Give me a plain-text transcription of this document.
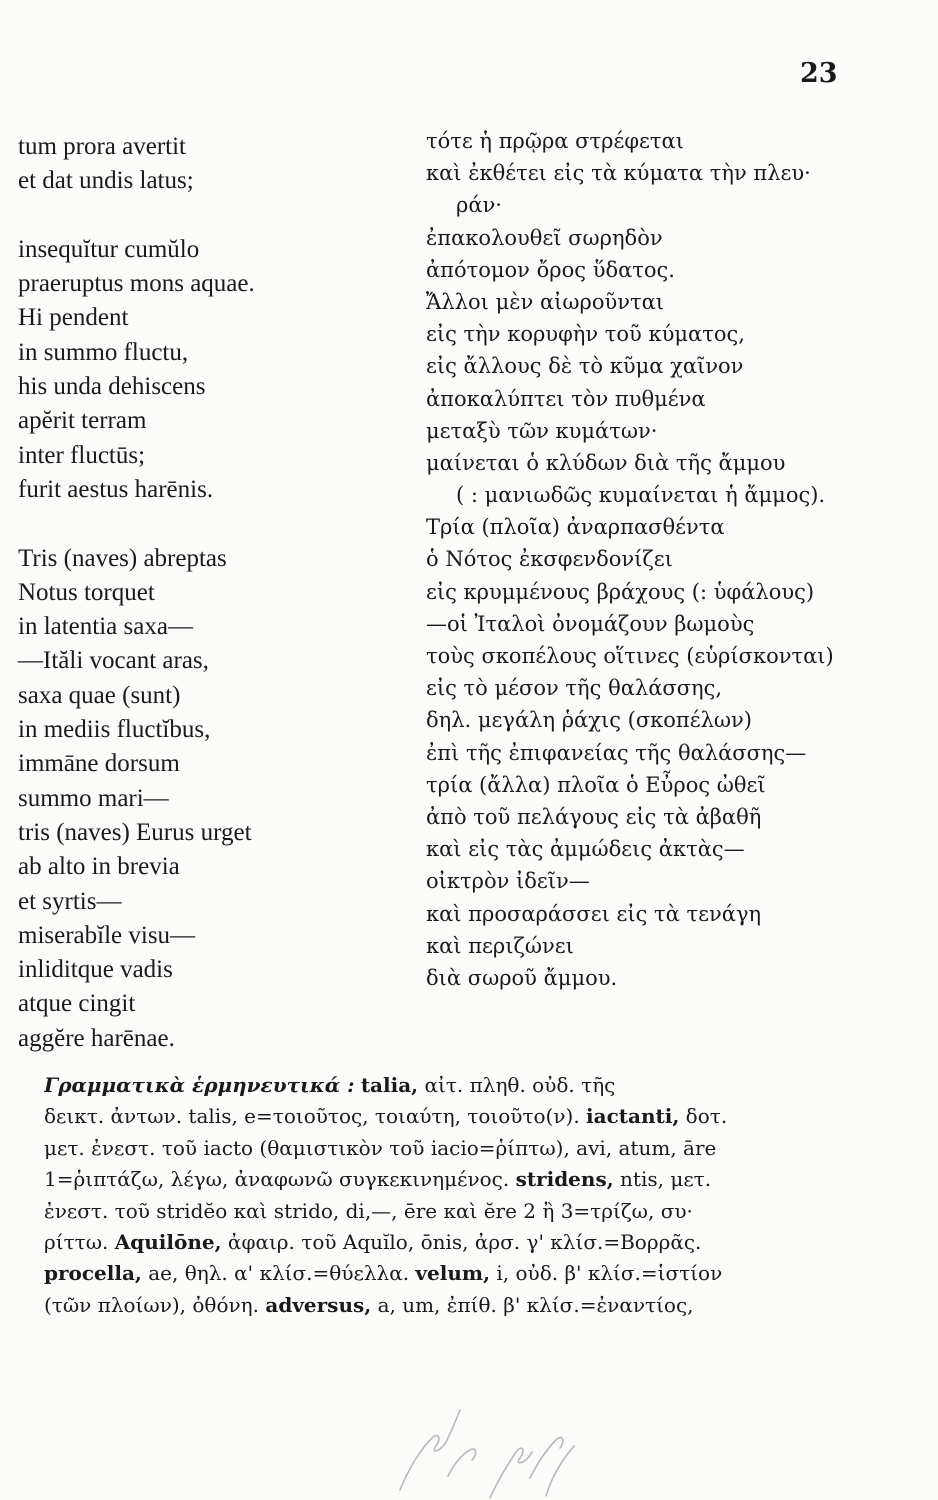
23
tum prora avertit
et dat undis latus;
insequĭtur cumŭlo
praeruptus mons aquae.
Hi pendent
in summo fluctu,
his unda dehiscens
apĕrit terram
inter fluctūs;
furit aestus harēnis.
Tris (naves) abreptas
Notus torquet
in latentia saxa—
—Ităli vocant aras,
saxa quae (sunt)
in mediis fluctĭbus,
immāne dorsum
summo mari—
tris (naves) Eurus urget
ab alto in brevia
et syrtis—
miserabĭle visu—
inliditque vadis
atque cingit
aggĕre harēnae.
τότε ἡ πρῷρα στρέφεται
καὶ ἐκθέτει εἰς τὰ κύματα τὴν πλευ·
ράν·
ἐπακολουθεῖ σωρηδὸν
ἀπότομον ὄρος ὕδατος.
Ἄλλοι μὲν αἰωροῦνται
εἰς τὴν κορυφὴν τοῦ κύματος,
εἰς ἄλλους δὲ τὸ κῦμα χαῖνον
ἀποκαλύπτει τὸν πυθμένα
μεταξὺ τῶν κυμάτων·
μαίνεται ὁ κλύδων διὰ τῆς ἄμμου
( : μανιωδῶς κυμαίνεται ἡ ἄμμος).
Τρία (πλοῖα) ἀναρπασθέντα
ὁ Νότος ἐκσφενδονίζει
εἰς κρυμμένους βράχους (: ὑφάλους)
—οἱ Ἰταλοὶ ὀνομάζουν βωμοὺς
τοὺς σκοπέλους οἵτινες (εὑρίσκονται)
εἰς τὸ μέσον τῆς θαλάσσης,
δηλ. μεγάλη ῥάχις (σκοπέλων)
ἐπὶ τῆς ἐπιφανείας τῆς θαλάσσης—
τρία (ἄλλα) πλοῖα ὁ Εὖρος ὠθεῖ
ἀπὸ τοῦ πελάγους εἰς τὰ ἀβαθῆ
καὶ εἰς τὰς ἀμμώδεις ἀκτὰς—
οἰκτρὸν ἰδεῖν—
καὶ προσαράσσει εἰς τὰ τενάγη
καὶ περιζώνει
διὰ σωροῦ ἄμμου.
Γραμματικὰ ἑρμηνευτικά : talia, αἰτ. πληθ. οὐδ. τῆς
δεικτ. ἀντων. talis, e=τοιοῦτος, τοιαύτη, τοιοῦτο(ν). iactanti, δοτ.
μετ. ἐνεστ. τοῦ iacto (θαμιστικὸν τοῦ iacio=ῥίπτω), avi, atum, āre
1=ῥιπτάζω, λέγω, ἀναφωνῶ συγκεκινημένος. stridens, ntis, μετ.
ἐνεστ. τοῦ stridĕo καὶ strido, di,—, ēre καὶ ĕre 2 ἢ 3=τρίζω, συ·
ρίττω. Aquilōne, ἀφαιρ. τοῦ Aquĭlo, ōnis, ἀρσ. γ' κλίσ.=Βορρᾶς.
procella, ae, θηλ. α' κλίσ.=θύελλα. velum, i, οὐδ. β' κλίσ.=ἱστίον
(τῶν πλοίων), ὀθόνη. adversus, a, um, ἐπίθ. β' κλίσ.=ἐναντίος,
